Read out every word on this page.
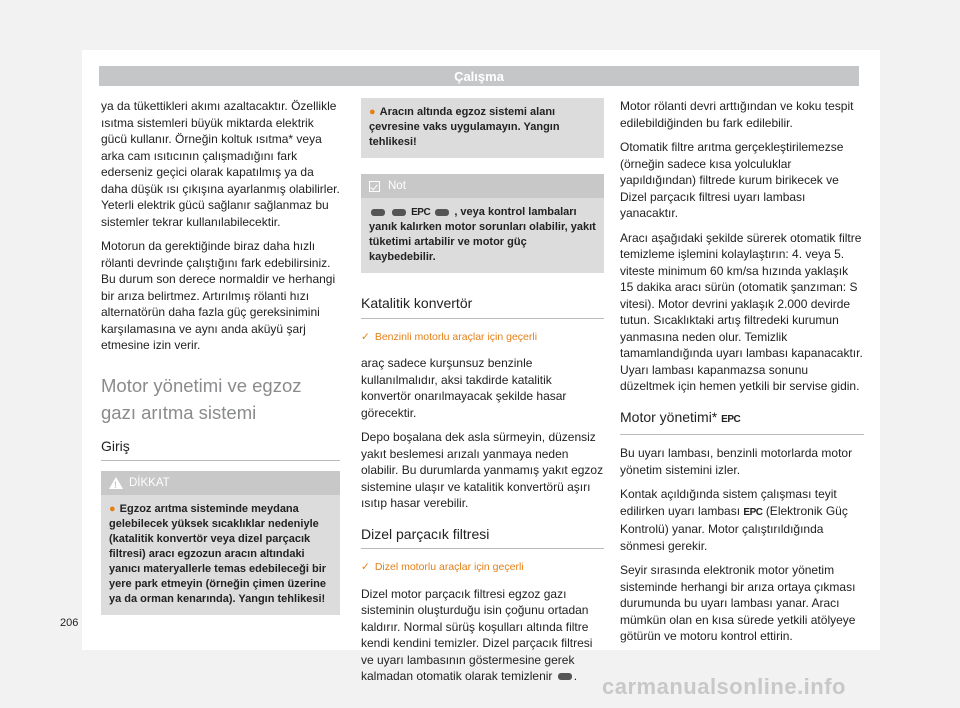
Çalışma

ya da tükettikleri akımı azaltacaktır. Özellikle ısıtma sistemleri büyük miktarda elektrik gücü kullanır. Örneğin koltuk ısıtma* veya arka cam ısıtıcının çalışmadığını fark ederseniz geçici olarak kapatılmış ya da daha düşük ısı çıkışına ayarlanmış olabilirler. Yeterli elektrik gücü sağlanır sağlanmaz bu sistemler tekrar kullanılabilecektir.

Motorun da gerektiğinde biraz daha hızlı rölanti devrinde çalıştığını fark edebilirsiniz. Bu durum son derece normaldir ve herhangi bir arıza belirtmez. Artırılmış rölanti hızı alternatörün daha fazla güç gereksinimini karşılamasına ve aynı anda aküyü şarj etmesine izin verir.

Motor yönetimi ve egzoz gazı arıtma sistemi
Giriş
!
DİKKAT
● Egzoz arıtma sisteminde meydana gelebilecek yüksek sıcaklıklar nedeniyle (katalitik konvertör veya dizel parçacık filtresi) aracı egzozun aracın altındaki yanıcı materyallerle temas edebileceği bir yere park etmeyin (örneğin çimen üzerine ya da orman kenarında). Yangın tehlikesi!
● Aracın altında egzoz sistemi alanı çevresine vaks uygulamayın. Yangın tehlikesi!
Not
EPC , veya kontrol lambaları yanık kalırken motor sorunları olabilir, yakıt tüketimi artabilir ve motor güç kaybedebilir.
Katalitik konvertör
✓ Benzinli motorlu araçlar için geçerli

araç sadece kurşunsuz benzinle kullanılmalıdır, aksi takdirde katalitik konvertör onarılmayacak şekilde hasar görecektir.

Depo boşalana dek asla sürmeyin, düzensiz yakıt beslemesi arızalı yanmaya neden olabilir. Bu durumlarda yanmamış yakıt egzoz sistemine ulaşır ve katalitik konvertörü aşırı ısıtıp hasar verebilir.

Dizel parçacık filtresi
✓ Dizel motorlu araçlar için geçerli

Dizel motor parçacık filtresi egzoz gazı sisteminin oluşturduğu isin çoğunu ortadan kaldırır. Normal sürüş koşulları altında filtre kendi kendini temizler. Dizel parçacık filtresi ve uyarı lambasının göstermesine gerek kalmadan otomatik olarak temizlenir .

Motor rölanti devri arttığından ve koku tespit edilebildiğinden bu fark edilebilir.

Otomatik filtre arıtma gerçekleştirilemezse (örneğin sadece kısa yolculuklar yapıldığından) filtrede kurum birikecek ve Dizel parçacık filtresi uyarı lambası yanacaktır.

Aracı aşağıdaki şekilde sürerek otomatik filtre temizleme işlemini kolaylaştırın: 4. veya 5. viteste minimum 60 km/sa hızında yaklaşık 15 dakika aracı sürün (otomatik şanzıman: S vitesi). Motor devrini yaklaşık 2.000 devirde tutun. Sıcaklıktaki artış filtredeki kurumun yanmasına neden olur. Temizlik tamamlandığında uyarı lambası kapanacaktır. Uyarı lambası kapanmazsa sonunu düzeltmek için hemen yetkili bir servise gidin.

Motor yönetimi* EPC

Bu uyarı lambası, benzinli motorlarda motor yönetim sistemini izler.

Kontak açıldığında sistem çalışması teyit edilirken uyarı lambası EPC (Elektronik Güç Kontrolü) yanar. Motor çalıştırıldığında sönmesi gerekir.

Seyir sırasında elektronik motor yönetim sisteminde herhangi bir arıza ortaya çıkması durumunda bu uyarı lambası yanar. Aracı mümkün olan en kısa sürede yetkili atölyeye götürün ve motoru kontrol ettirin.

206
carmanualsonline.info
